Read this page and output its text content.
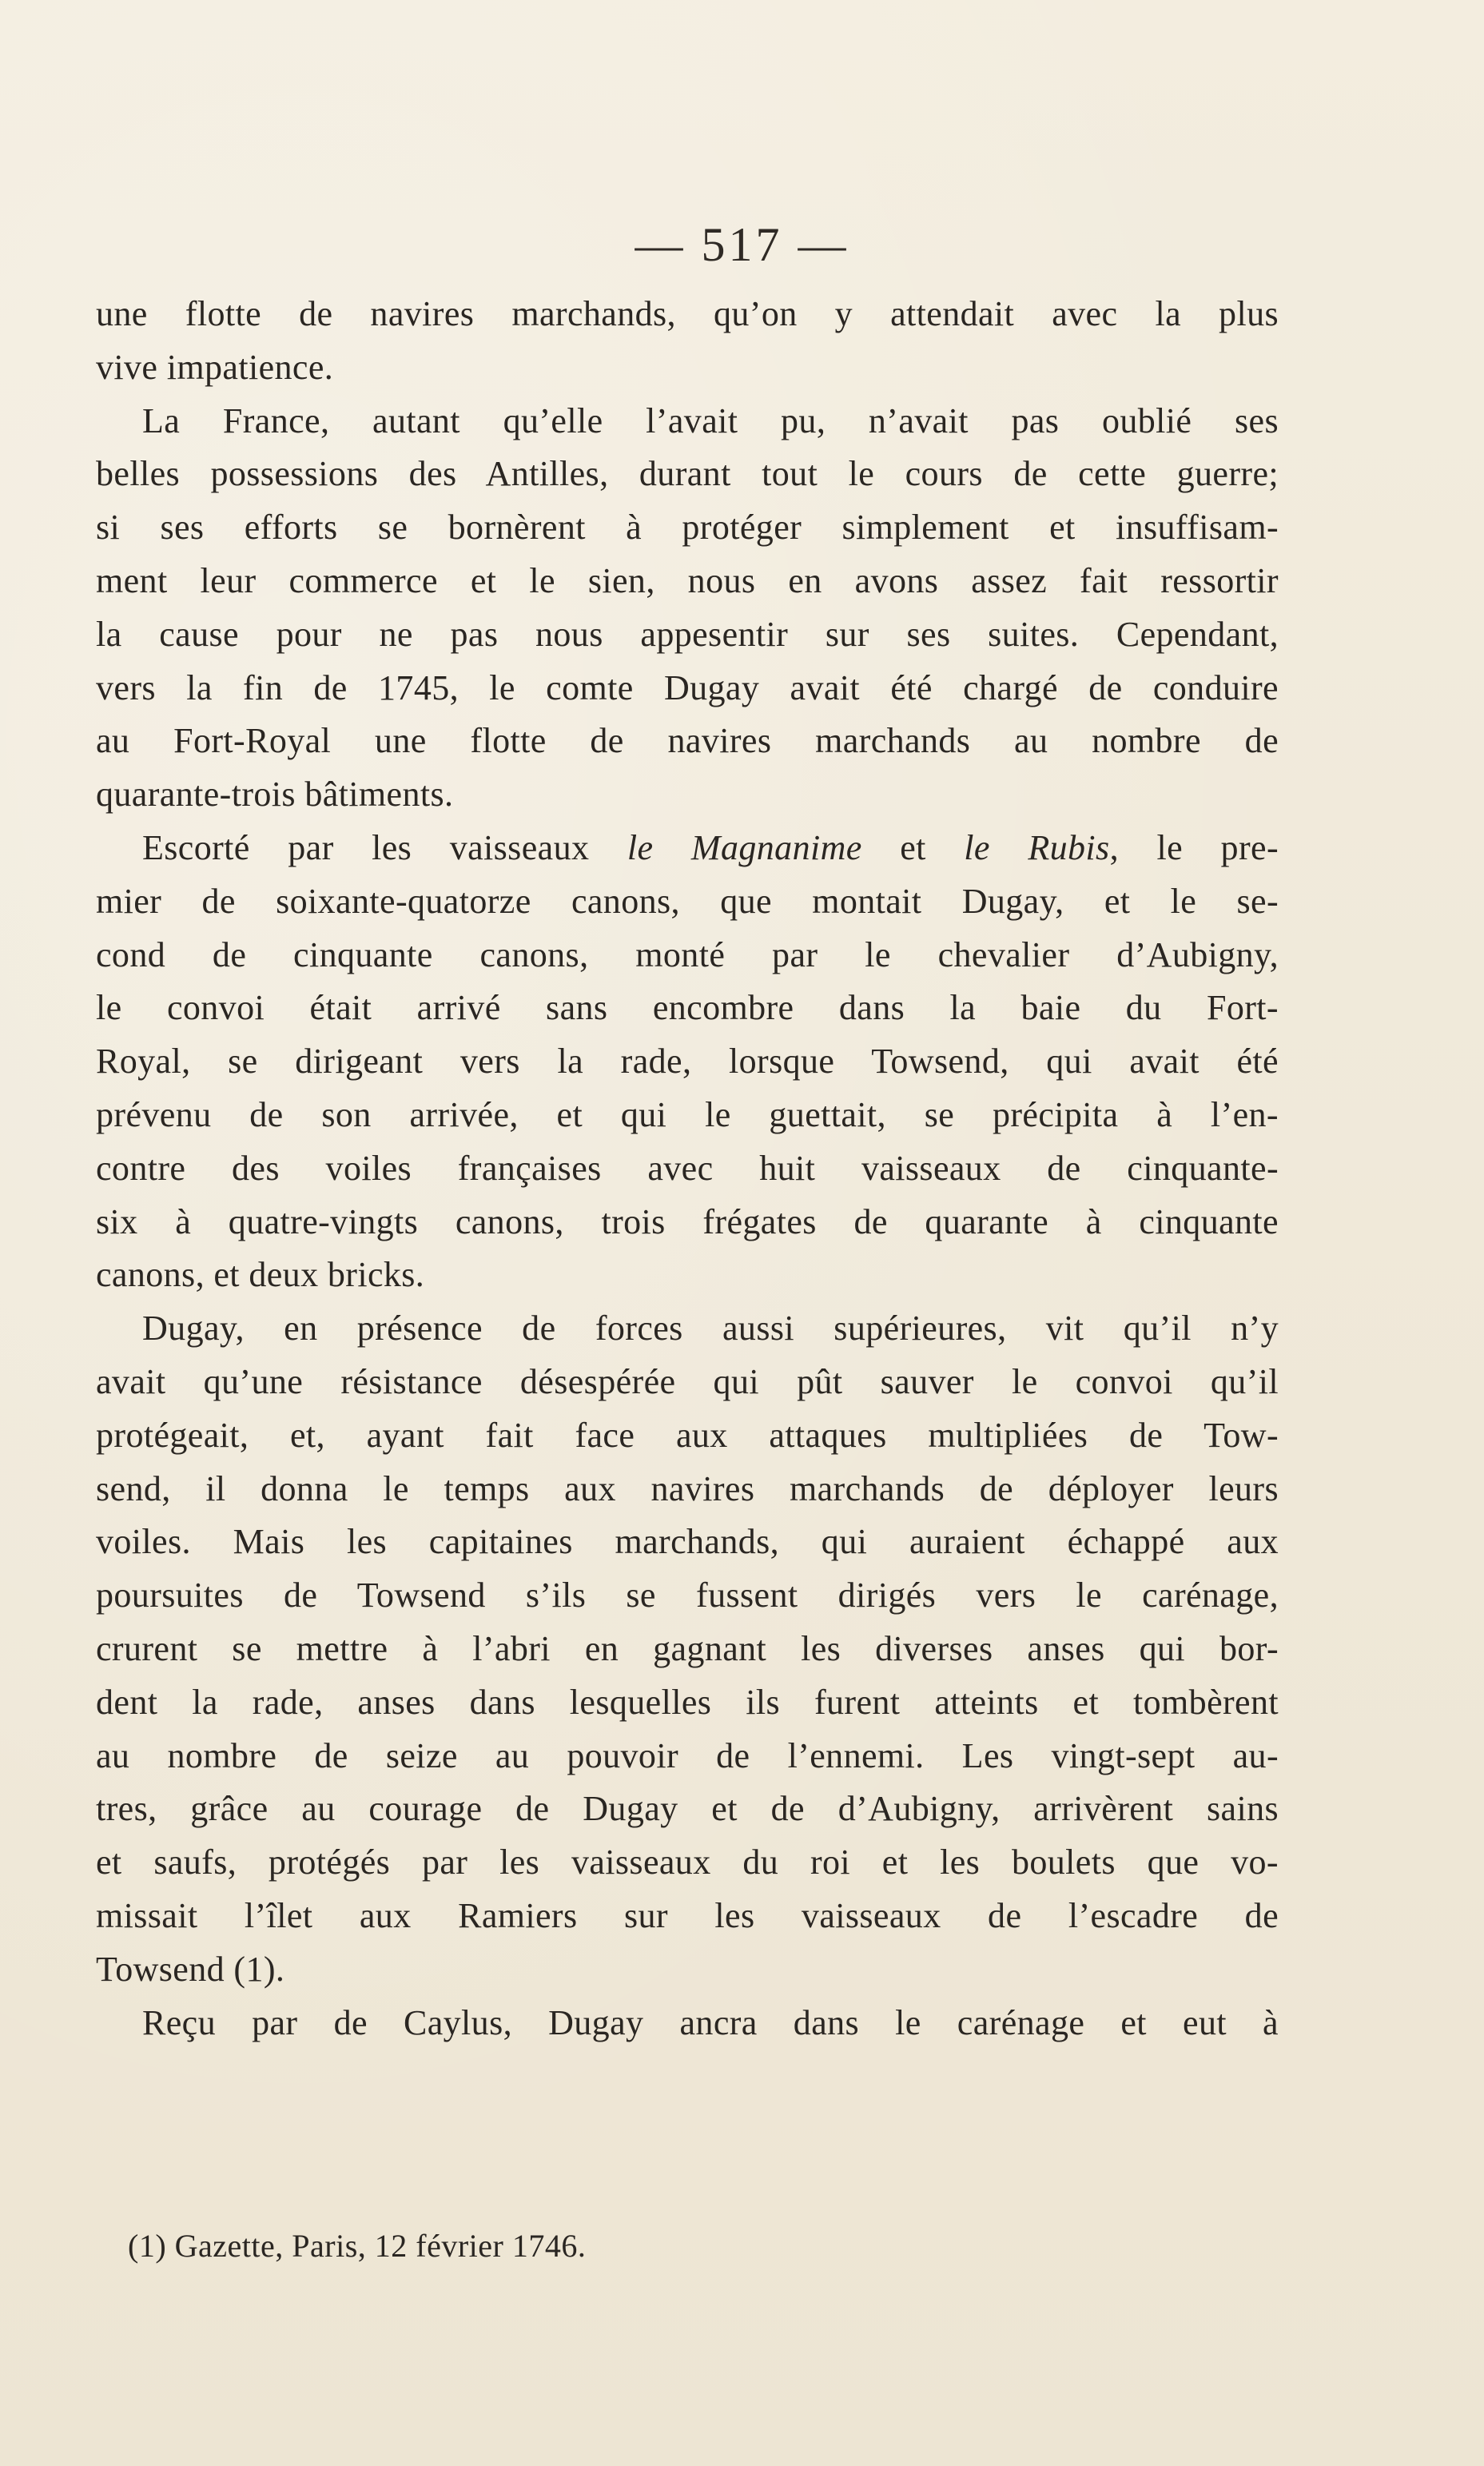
— 517 —
une flotte de navires marchands, qu’on y attendait avec la plus
vive impatience.
La France, autant qu’elle l’avait pu, n’avait pas oublié ses
belles possessions des Antilles, durant tout le cours de cette guerre;
si ses efforts se bornèrent à protéger simplement et insuffisam-
ment leur commerce et le sien, nous en avons assez fait ressortir
la cause pour ne pas nous appesentir sur ses suites. Cependant,
vers la fin de 1745, le comte Dugay avait été chargé de conduire
au Fort-Royal une flotte de navires marchands au nombre de
quarante-trois bâtiments.
Escorté par les vaisseaux le Magnanime et le Rubis, le pre-
mier de soixante-quatorze canons, que montait Dugay, et le se-
cond de cinquante canons, monté par le chevalier d’Aubigny,
le convoi était arrivé sans encombre dans la baie du Fort-
Royal, se dirigeant vers la rade, lorsque Towsend, qui avait été
prévenu de son arrivée, et qui le guettait, se précipita à l’en-
contre des voiles françaises avec huit vaisseaux de cinquante-
six à quatre-vingts canons, trois frégates de quarante à cinquante
canons, et deux bricks.
Dugay, en présence de forces aussi supérieures, vit qu’il n’y
avait qu’une résistance désespérée qui pût sauver le convoi qu’il
protégeait, et, ayant fait face aux attaques multipliées de Tow-
send, il donna le temps aux navires marchands de déployer leurs
voiles. Mais les capitaines marchands, qui auraient échappé aux
poursuites de Towsend s’ils se fussent dirigés vers le carénage,
crurent se mettre à l’abri en gagnant les diverses anses qui bor-
dent la rade, anses dans lesquelles ils furent atteints et tombèrent
au nombre de seize au pouvoir de l’ennemi. Les vingt-sept au-
tres, grâce au courage de Dugay et de d’Aubigny, arrivèrent sains
et saufs, protégés par les vaisseaux du roi et les boulets que vo-
missait l’îlet aux Ramiers sur les vaisseaux de l’escadre de
Towsend (1).
Reçu par de Caylus, Dugay ancra dans le carénage et eut à
(1) Gazette, Paris, 12 février 1746.
